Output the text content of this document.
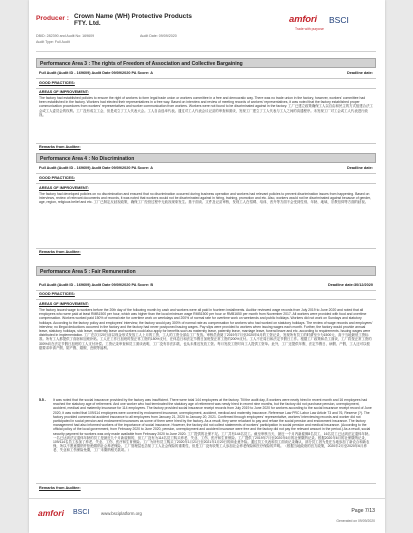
Producer : Crown Name (WH) Protective Products FTY. Ltd.
DBID: 282390 and Audit No: 169609
Audit Type: Full Audit
Audit Date: 09/09/2020
amfori BSCI
Trade with purpose
Performance Area 3 : The rights of Freedom of Association and Collective Bargaining
Full Audit (Audit ID - 169609) Audit Date 09/09/2020 PA Score: A	Deadline date:
GOOD PRACTICES:
AREAS OF IMPROVEMENT:

The factory had established policies to ensure the right of workers to form legal trade union or workers committee in a free and democratic way. There was no trade union in the factory, however, workers' committee had been established in the factory. Workers had elected their representatives in a free way. Based on interview and review of meeting records of workers' representatives, it was noted that the factory established proper communication procedures from workers' representatives and worker communication from workers. Workers were not found to be discriminated against in the factory. 工厂已建立政策确保工人以自由和民主的方式组建合法工会或工人委员会的权利。工厂没有成立工会，但是成立了工人代表大会。工人自由选举代表。通过对工人代表会议记录的审查和面谈，发现工厂建立了工人代表与工人之间的沟通程序。未发现工厂对工会或工人代表进行歧视。

Remarks from Auditee:
Performance Area 4 : No Discrimination
Full Audit (Audit ID - 169609) Audit Date 09/09/2020 PA Score: A	Deadline date:
GOOD PRACTICES:
AREAS OF IMPROVEMENT:

The factory had developed policies on no discrimination and ensured that no discrimination occurred during business operation and workers had relevant policies to prevent discrimination issues from happening. Based on interviews, review of relevant documents and records, it was noted that workers would not be discriminated against in hiring, training, promotion and etc. Also, workers would not be discriminated against because of gender, age, region, religious belief and etc. 工厂已制定反歧视政策，确保工厂经营过程中无歧视现象发生。基于面谈、文件及记录审核，发现工人在招聘、培训、晋升等方面不会受到性别、年龄、地域、宗教信仰等方面的歧视。

Remarks from Auditee:
Performance Area 5 : Fair Remuneration
Full Audit (Audit ID - 169609) Audit Date 09/09/2020 PA Score: B	Deadline date:30/12/2020
GOOD PRACTICES:
AREAS OF IMPROVEMENT:

The factory issued wage to workers before the 20th day of the following month by cash and workers were all paid in fourteen installments. Auditor reviewed wage records from July 2019 to June 2020 and noted that all employees who were paid at least RMB1500 per hour, which was higher than the local minimum wage RMB1500 per hour or RMB1650 per month from November 2017. All workers were provided with food and overtime compensation. Workers worked paid 150% of normal rate for overtime work on weekdays and 200% of normal rate for overtime work on weekends and public holidays. Workers did not work on Sundays and statutory holidays. According to the factory policy and employees' interview, the factory would pay 300% of normal rate as compensation for workers who had worked on statutory holidays. The review of wage records and employees' interview, no illegal deductions occurred in the factory and the factory had never postponed issuing wages. Pay slips were provided to workers when issuing wages each month. Further, the factory would provide annual leave, statutory holidays, sick leave, maternity leave and workers could also apply for benefits such as maternity leave, paternity leave, marriage leave, funeral leave and etc. according to requirements. Issuing wages were distributed in implementation. 工厂在次月20日前以现金形式发放工人上月的工资，工人的工资全部由工厂发放。审核员查阅了2019年7月至2020年6月的工资记录，发现所有员工的时薪至少为1500元，高于当地最低工资标准。所有工人都提供了食宿和加班补贴。工人在工作日加班时按正常工资的150%支付，在休息日和法定节假日加班按正常工资的200%支付。工人不在周日和法定节假日工作。根据工厂政策和员工面谈，工厂将按正常工资的300%向在法定节假日加班的工人支付补偿。工资记录审查和员工面谈表明，工厂没有非法扣款，也从未推迟发放工资。每月发放工资时向工人提供工资单。此外，工厂还提供年假、法定节假日、病假、产假，工人还可以根据要求申请产假、陪产假、婚假、丧假等福利。

5.5 - It was noted that the social insurance provided by the factory was insufficient. There were total 144 employees at the factory. Till the audit day, 8 workers were newly hired in recent month and 16 employees had reached the statutory age of retirement. And one worker who had terminated the statutory age of retirement was newly hired in recent nine months, but the factory did not purchase pension, unemployment, accident, medical and maternity insurance for 114 employees. The factory provided social insurance receipt records from July 2019 to June 2020 for workers according to the social insurance receipt record of June 2020, it was noted that 109/114 employees were covered by endowment insurance, unemployment, accident, medical and maternity insurance. Reference Law PRC Labor Law Article 73 and 76, Reserve (?). The factory provided commercial accident insurance to all employees from January 21, 2020 to January 20, 2021. Confirmed through employees' representative, workers' interviewing records and worker did not participated in social pension and endowment insurances as some of them were hired by the factory. As a result, they were reluctant to pay and refuse the social pension and endowment insurance. The factory management had also informed workers of the importance of social insurance. However, the factory did not collect statements of workers' participation in social pension and medical insurance. (According to the official policy of the local government, from February 2020 to June 2020, pension, unemployment and accident insurance were free and the factory did not pay the relevant amount in the period.) As a result, social security payment for workers was only made available from February 2020 to June 2020. 工厂提供的社保不足。工厂共有144名员工。截至审核当天，最近一个月内新雇佣8名员工，16名员工已达到法定退休年龄。一名已达到法定退休年龄的员工是最近九个月新雇佣的，但工厂没有为114名员工购买养老、失业、工伤、医疗和生育保险。工厂提供了2019年7月至2020年6月的社保缴纳记录。根据2020年6月的社保缴纳记录，109/114名员工参加了养老、失业、工伤、医疗和生育保险。工厂为所有员工购买了2020年1月21日至2021年1月20日的商业意外险。通过员工代表和员工面谈记录确认，部分员工因为是在当地参加了新农合和新农保，所以不愿意缴纳并拒绝缴纳社会养老保险。工厂管理层也告知了工人社会保险的重要性，但是工厂没有收集工人参加社会养老保险和医疗保险的声明。（根据当地政府的官方政策，2020年2月至2020年6月养老、失业和工伤保险免缴，工厂未缴纳相关款项。）

Remarks from Auditee:
amfori BSCI	www.bsciplatform.org	Page 7/13
Generated on 09/09/2020
